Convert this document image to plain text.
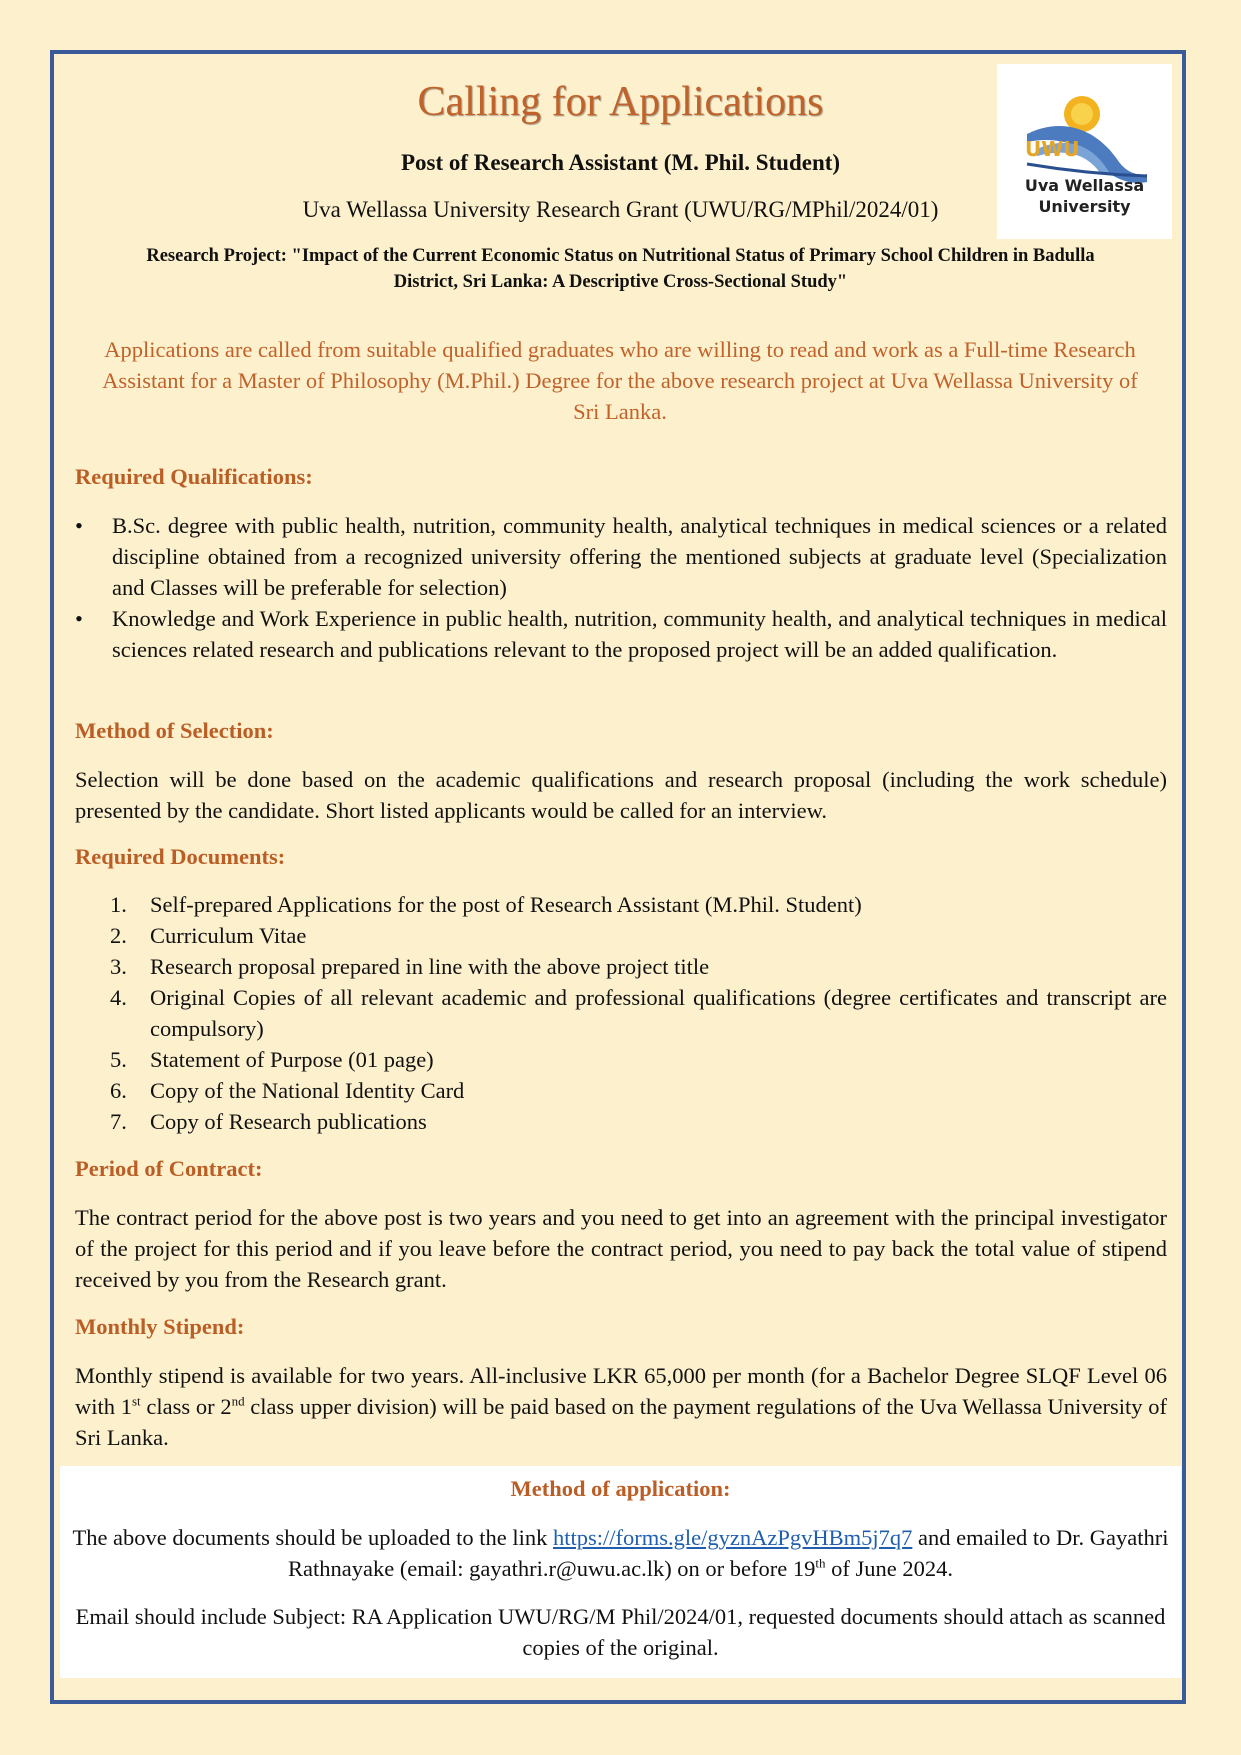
UWU
Uva Wellassa
University
Calling for Applications
Post of Research Assistant (M. Phil. Student)
Uva Wellassa University Research Grant (UWU/RG/MPhil/2024/01)
Research Project: "Impact of the Current Economic Status on Nutritional Status of Primary School Children in Badulla
District, Sri Lanka: A Descriptive Cross-Sectional Study"
Applications are called from suitable qualified graduates who are willing to read and work as a Full-time Research Assistant for a Master of Philosophy (M.Phil.) Degree for the above research project at Uva Wellassa University of Sri Lanka.
Required Qualifications:
• B.Sc. degree with public health, nutrition, community health, analytical techniques in medical sciences or a related discipline obtained from a recognized university offering the mentioned subjects at graduate level (Specialization and Classes will be preferable for selection)
• Knowledge and Work Experience in public health, nutrition, community health, and analytical techniques in medical sciences related research and publications relevant to the proposed project will be an added qualification.
Method of Selection:
Selection will be done based on the academic qualifications and research proposal (including the work schedule) presented by the candidate. Short listed applicants would be called for an interview.
Required Documents:
1. Self-prepared Applications for the post of Research Assistant (M.Phil. Student)
2. Curriculum Vitae
3. Research proposal prepared in line with the above project title
4. Original Copies of all relevant academic and professional qualifications (degree certificates and transcript are compulsory)
5. Statement of Purpose (01 page)
6. Copy of the National Identity Card
7. Copy of Research publications
Period of Contract:
The contract period for the above post is two years and you need to get into an agreement with the principal investigator of the project for this period and if you leave before the contract period, you need to pay back the total value of stipend received by you from the Research grant.
Monthly Stipend:
Monthly stipend is available for two years. All-inclusive LKR 65,000 per month (for a Bachelor Degree SLQF Level 06 with 1st class or 2nd class upper division) will be paid based on the payment regulations of the Uva Wellassa University of Sri Lanka.
Method of application:
The above documents should be uploaded to the link https://forms.gle/gyznAzPgvHBm5j7q7 and emailed to Dr. Gayathri Rathnayake (email: gayathri.r@uwu.ac.lk) on or before 19th of June 2024.
Email should include Subject: RA Application UWU/RG/M Phil/2024/01, requested documents should attach as scanned copies of the original.
